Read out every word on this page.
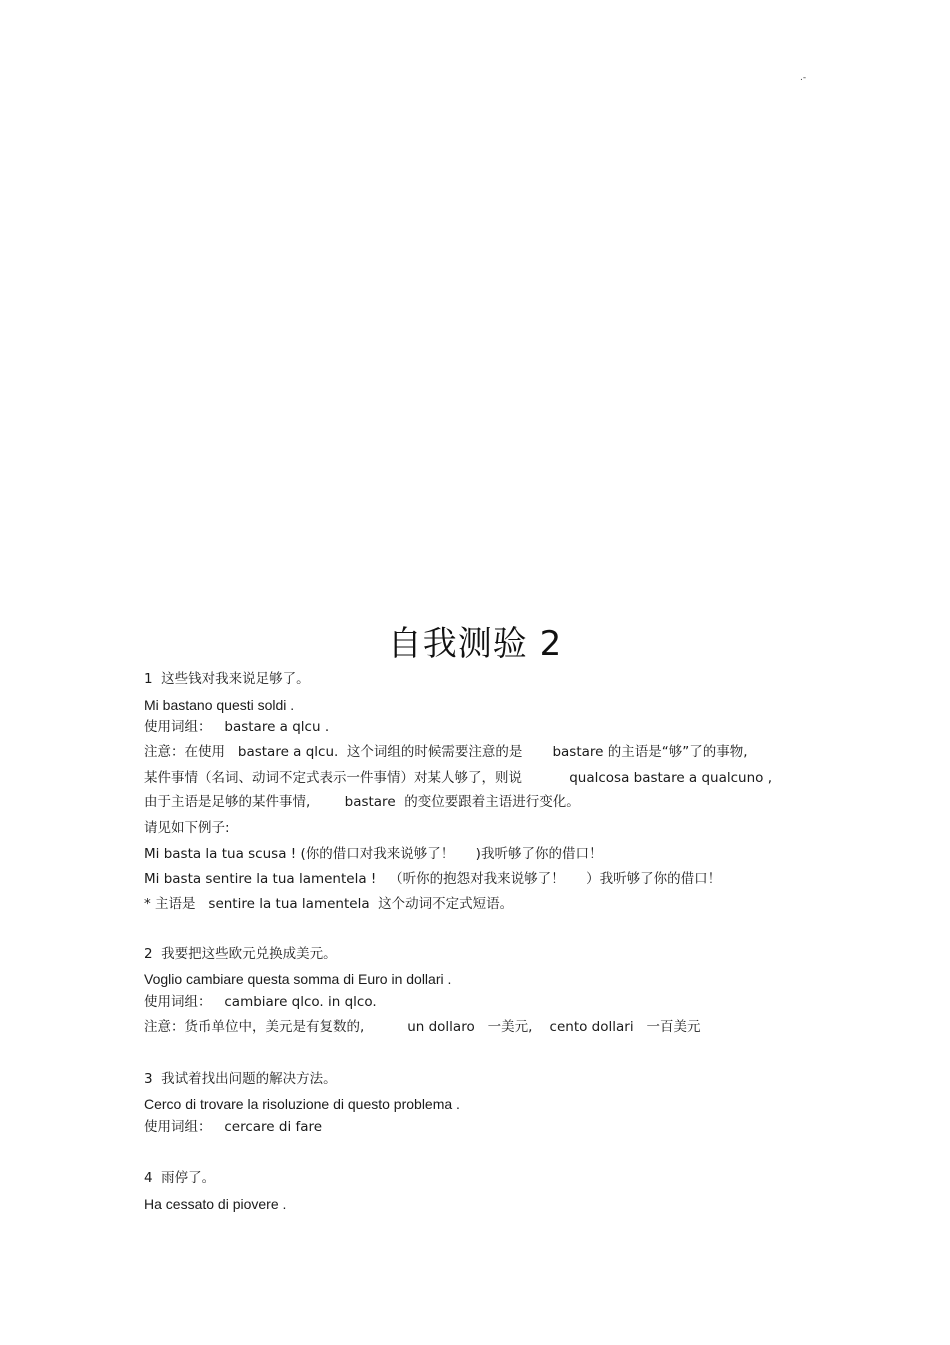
.-
自我测验 2
1  这些钱对我来说足够了。
Mi bastano questi soldi .
使用词组：   bastare a qlcu .
注意：在使用   bastare a qlcu.  这个词组的时候需要注意的是       bastare 的主语是“够”了的事物,
某件事情（名词、动词不定式表示一件事情）对某人够了，则说           qualcosa bastare a qualcuno ,
由于主语是足够的某件事情,        bastare  的变位要跟着主语进行变化。
请见如下例子:
Mi basta la tua scusa ! (你的借口对我来说够了！     )我听够了你的借口！
Mi basta sentire la tua lamentela !   （听你的抱怨对我来说够了！     ）我听够了你的借口！
* 主语是   sentire la tua lamentela  这个动词不定式短语。
2  我要把这些欧元兑换成美元。
Voglio cambiare questa somma di Euro in dollari .
使用词组：   cambiare qlco. in qlco.
注意：货币单位中，美元是有复数的,          un dollaro   一美元,    cento dollari   一百美元
3  我试着找出问题的解决方法。
Cerco di trovare la risoluzione di questo problema .
使用词组：   cercare di fare
4  雨停了。
Ha cessato di piovere .
